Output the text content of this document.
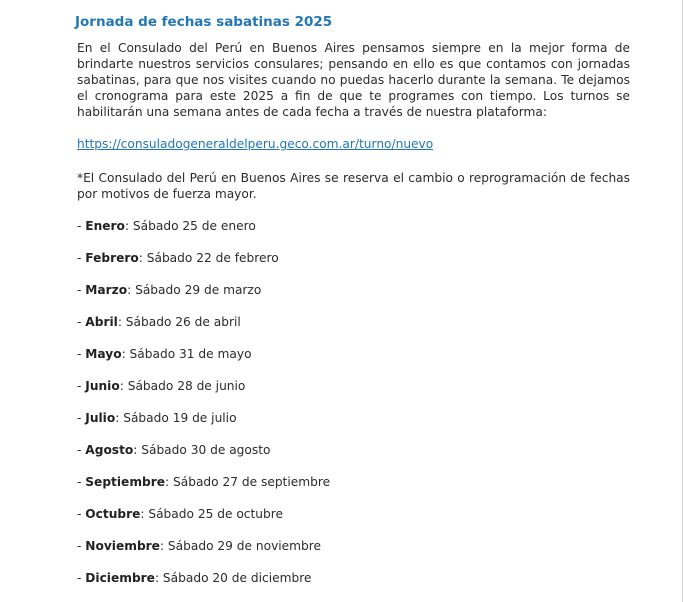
Jornada de fechas sabatinas 2025

En el Consulado del Perú en Buenos Aires pensamos siempre en la mejor forma de brindarte nuestros servicios consulares; pensando en ello es que contamos con jornadas sabatinas, para que nos visites cuando no puedas hacerlo durante la semana. Te dejamos el cronograma para este 2025 a fin de que te programes con tiempo. Los turnos se habilitarán una semana antes de cada fecha a través de nuestra plataforma:

https://consuladogeneraldelperu.geco.com.ar/turno/nuevo

*El Consulado del Perú en Buenos Aires se reserva el cambio o reprogramación de fechas por motivos de fuerza mayor.

- Enero: Sábado 25 de enero
- Febrero: Sábado 22 de febrero
- Marzo: Sábado 29 de marzo
- Abril: Sábado 26 de abril
- Mayo: Sábado 31 de mayo
- Junio: Sábado 28 de junio
- Julio: Sábado 19 de julio
- Agosto: Sábado 30 de agosto
- Septiembre: Sábado 27 de septiembre
- Octubre: Sábado 25 de octubre
- Noviembre: Sábado 29 de noviembre
- Diciembre: Sábado 20 de diciembre
